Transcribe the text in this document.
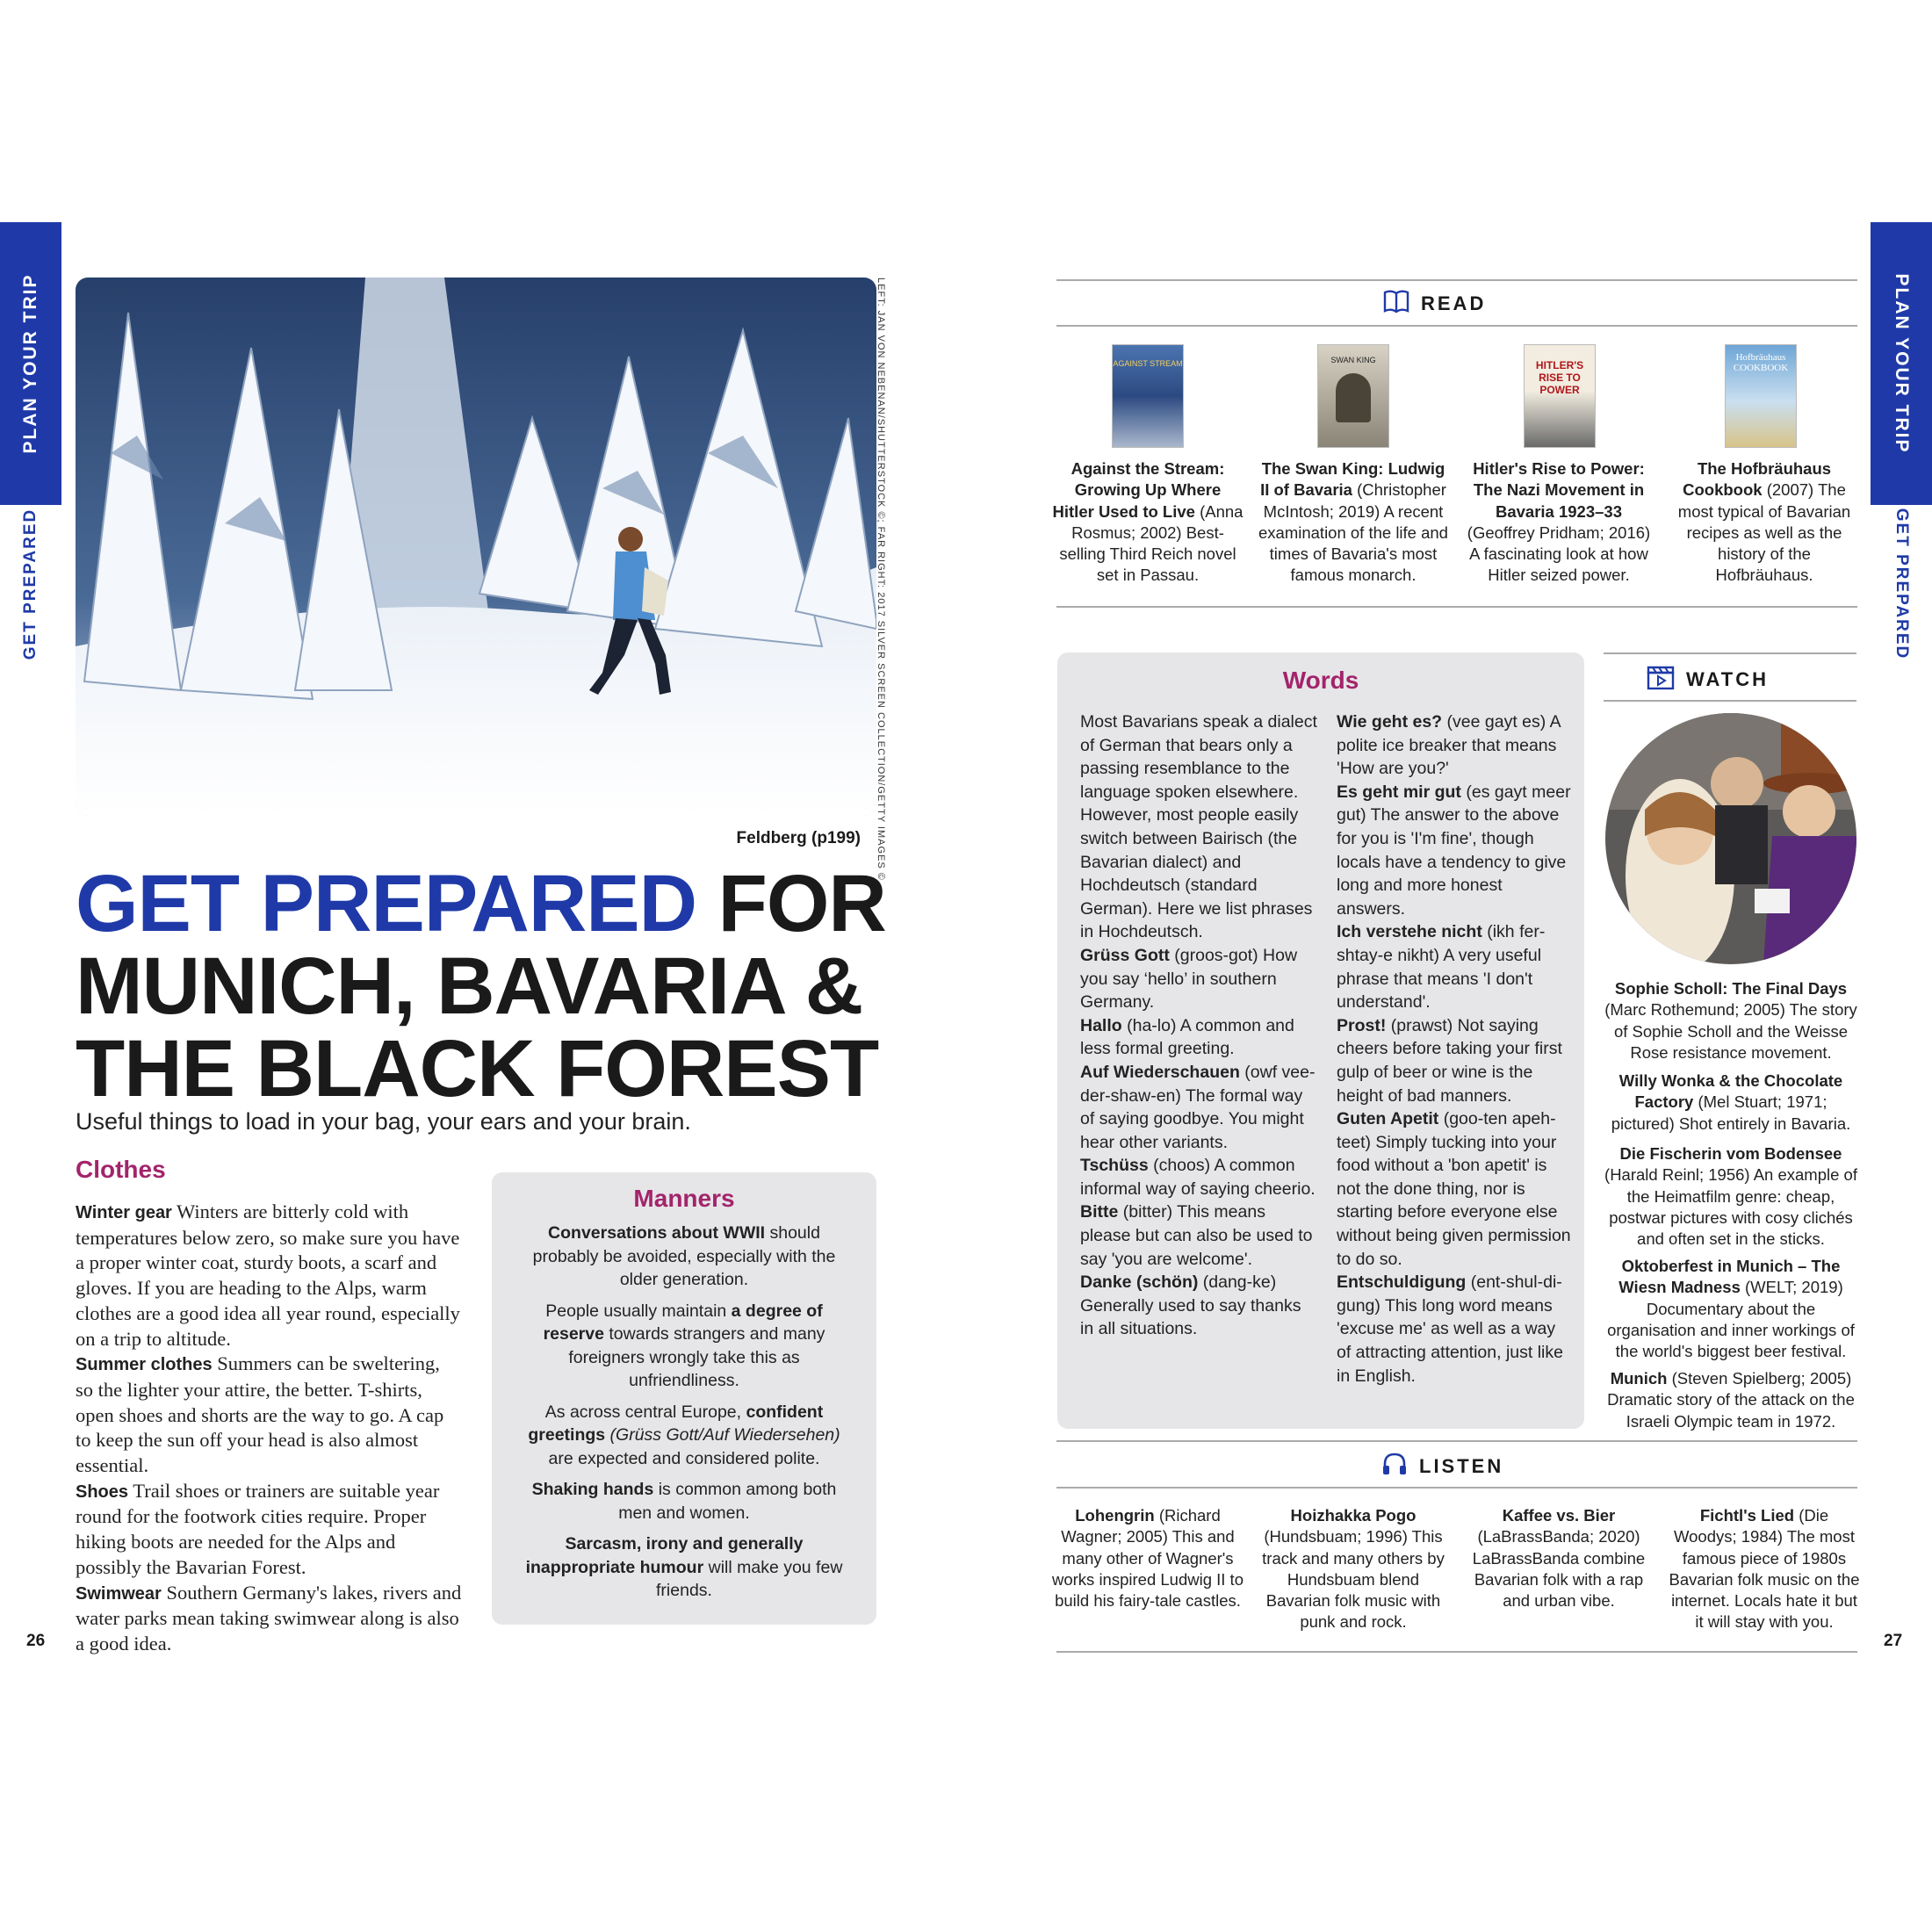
PLAN YOUR TRIP
GET PREPARED
26
PLAN YOUR TRIP
GET PREPARED
27
LEFT: JAN VON NEBENAN/SHUTTERSTOCK ©; FAR RIGHT: 2017 SILVER SCREEN COLLECTION/GETTY IMAGES ©
Feldberg (p199)
GET PREPARED FOR
MUNICH, BAVARIA &
THE BLACK FOREST
Useful things to load in your bag, your ears and your brain.
Clothes
Winter gear Winters are bitterly cold with temperatures below zero, so make sure you have a proper winter coat, sturdy boots, a scarf and gloves. If you are heading to the Alps, warm clothes are a good idea all year round, especially on a trip to altitude.
Summer clothes Summers can be sweltering, so the lighter your attire, the better. T-shirts, open shoes and shorts are the way to go. A cap to keep the sun off your head is also almost essential.
Shoes Trail shoes or trainers are suitable year round for the footwork cities require. Proper hiking boots are needed for the Alps and possibly the Bavarian Forest.
Swimwear Southern Germany's lakes, rivers and water parks mean taking swimwear along is also a good idea.
Manners

Conversations about WWII should probably be avoided, especially with the older generation.

People usually maintain a degree of reserve towards strangers and many foreigners wrongly take this as unfriendliness.

As across central Europe, confident greetings (Grüss Gott/Auf Wiedersehen) are expected and considered polite.

Shaking hands is common among both men and women.

Sarcasm, irony and generally inappropriate humour will make you few friends.

READ
AGAINST STREAM	SWAN KING	HITLER'S RISE TO POWER
Hofbräuhaus COOKBOOK
Against the Stream: Growing Up Where Hitler Used to Live (Anna Rosmus; 2002) Best-selling Third Reich novel set in Passau.
The Swan King: Ludwig II of Bavaria (Christopher McIntosh; 2019) A recent examination of the life and times of Bavaria's most famous monarch.
Hitler's Rise to Power: The Nazi Movement in Bavaria 1923–33 (Geoffrey Pridham; 2016) A fascinating look at how Hitler seized power.
The Hofbräuhaus Cookbook (2007) The most typical of Bavarian recipes as well as the history of the Hofbräuhaus.
Words
Most Bavarians speak a dialect of German that bears only a passing resemblance to the language spoken elsewhere. However, most people easily switch between Bairisch (the Bavarian dialect) and Hochdeutsch (standard German). Here we list phrases in Hochdeutsch.
Grüss Gott (groos-got) How you say ‘hello’ in southern Germany.
Hallo (ha-lo) A common and less formal greeting.
Auf Wiederschauen (owf vee-der-shaw-en) The formal way of saying goodbye. You might hear other variants.
Tschüss (choos) A common informal way of saying cheerio.
Bitte (bitter) This means please but can also be used to say 'you are welcome'.
Danke (schön) (dang-ke) Generally used to say thanks in all situations.
Wie geht es? (vee gayt es) A polite ice breaker that means 'How are you?'
Es geht mir gut (es gayt meer gut) The answer to the above for you is 'I'm fine', though locals have a tendency to give long and more honest answers.
Ich verstehe nicht (ikh fer-shtay-e nikht) A very useful phrase that means 'I don't understand'.
Prost! (prawst) Not saying cheers before taking your first gulp of beer or wine is the height of bad manners.
Guten Apetit (goo-ten apeh-teet) Simply tucking into your food without a 'bon apetit' is not the done thing, nor is starting before everyone else without being given permission to do so.
Entschuldigung (ent-shul-di-gung) This long word means 'excuse me' as well as a way of attracting attention, just like in English.
WATCH
Sophie Scholl: The Final Days (Marc Rothemund; 2005) The story of Sophie Scholl and the Weisse Rose resistance movement.
Willy Wonka & the Chocolate Factory (Mel Stuart; 1971; pictured) Shot entirely in Bavaria.
Die Fischerin vom Bodensee (Harald Reinl; 1956) An example of the Heimatfilm genre: cheap, postwar pictures with cosy clichés and often set in the sticks.
Oktoberfest in Munich – The Wiesn Madness (WELT; 2019) Documentary about the organisation and inner workings of the world's biggest beer festival.
Munich (Steven Spielberg; 2005) Dramatic story of the attack on the Israeli Olympic team in 1972.
LISTEN
Lohengrin (Richard Wagner; 2005) This and many other of Wagner's works inspired Ludwig II to build his fairy-tale castles.
Hoizhakka Pogo (Hundsbuam; 1996) This track and many others by Hundsbuam blend Bavarian folk music with punk and rock.
Kaffee vs. Bier (LaBrassBanda; 2020) LaBrassBanda combine Bavarian folk with a rap and urban vibe.
Fichtl's Lied (Die Woodys; 1984) The most famous piece of 1980s Bavarian folk music on the internet. Locals hate it but it will stay with you.
